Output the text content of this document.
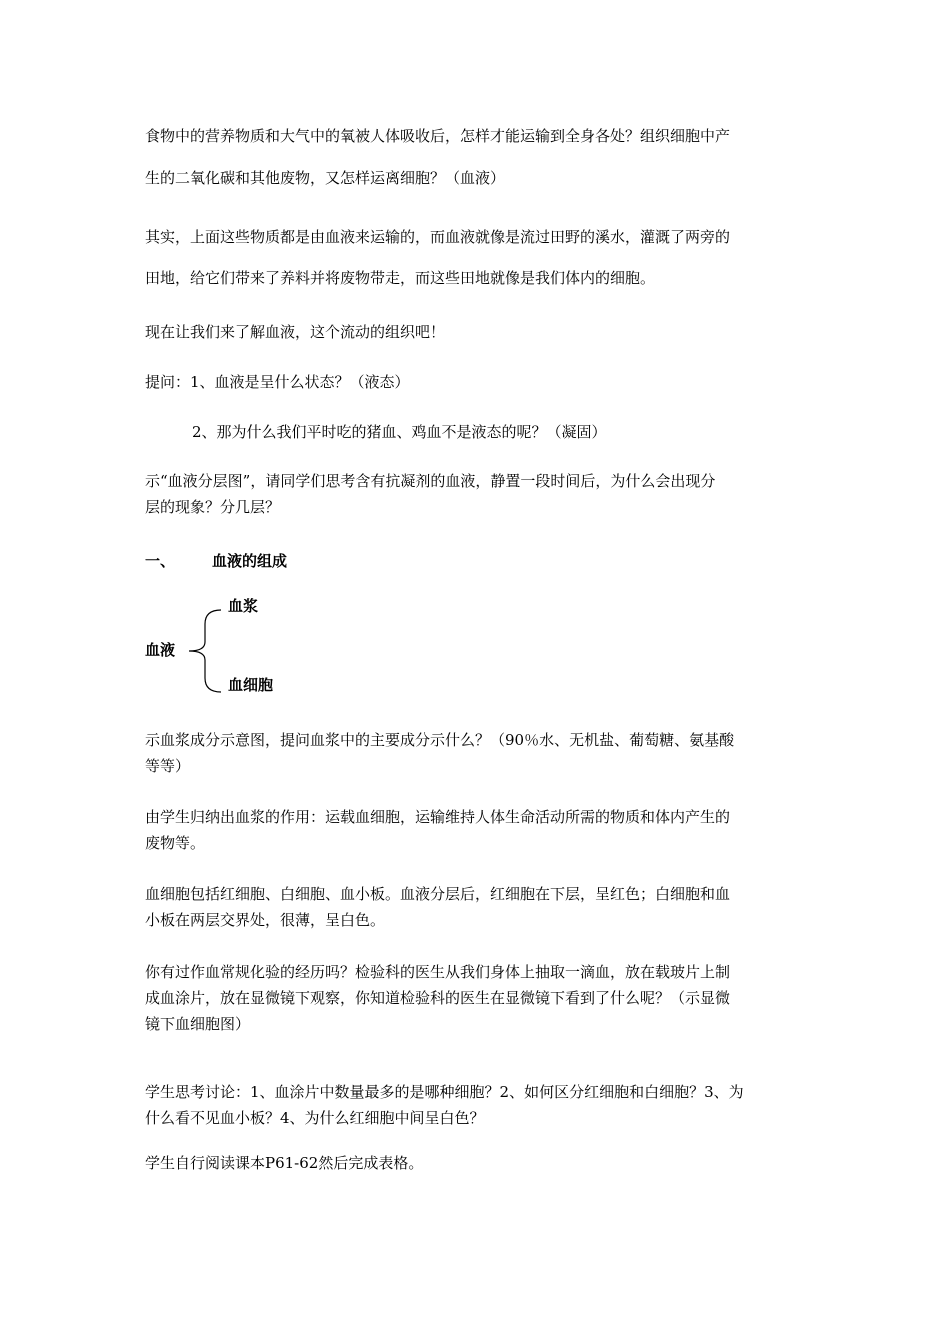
食物中的营养物质和大气中的氧被人体吸收后，怎样才能运输到全身各处？组织细胞中产
生的二氧化碳和其他废物，又怎样运离细胞？（血液）
其实，上面这些物质都是由血液来运输的，而血液就像是流过田野的溪水，灌溉了两旁的
田地，给它们带来了养料并将废物带走，而这些田地就像是我们体内的细胞。
现在让我们来了解血液，这个流动的组织吧！
提问：1、血液是呈什么状态？（液态）
2、那为什么我们平时吃的猪血、鸡血不是液态的呢？（凝固）
示“血液分层图”，请同学们思考含有抗凝剂的血液，静置一段时间后，为什么会出现分
层的现象？分几层？
一、 血液的组成
血浆
血液
血细胞
示血浆成分示意图，提问血浆中的主要成分示什么？（90％水、无机盐、葡萄糖、氨基酸
等等）
由学生归纳出血浆的作用：运载血细胞，运输维持人体生命活动所需的物质和体内产生的
废物等。
血细胞包括红细胞、白细胞、血小板。血液分层后，红细胞在下层，呈红色；白细胞和血
小板在两层交界处，很薄，呈白色。
你有过作血常规化验的经历吗？检验科的医生从我们身体上抽取一滴血，放在载玻片上制
成血涂片，放在显微镜下观察，你知道检验科的医生在显微镜下看到了什么呢？（示显微
镜下血细胞图）
学生思考讨论：1、血涂片中数量最多的是哪种细胞？2、如何区分红细胞和白细胞？3、为
什么看不见血小板？4、为什么红细胞中间呈白色？
学生自行阅读课本P61-62然后完成表格。
